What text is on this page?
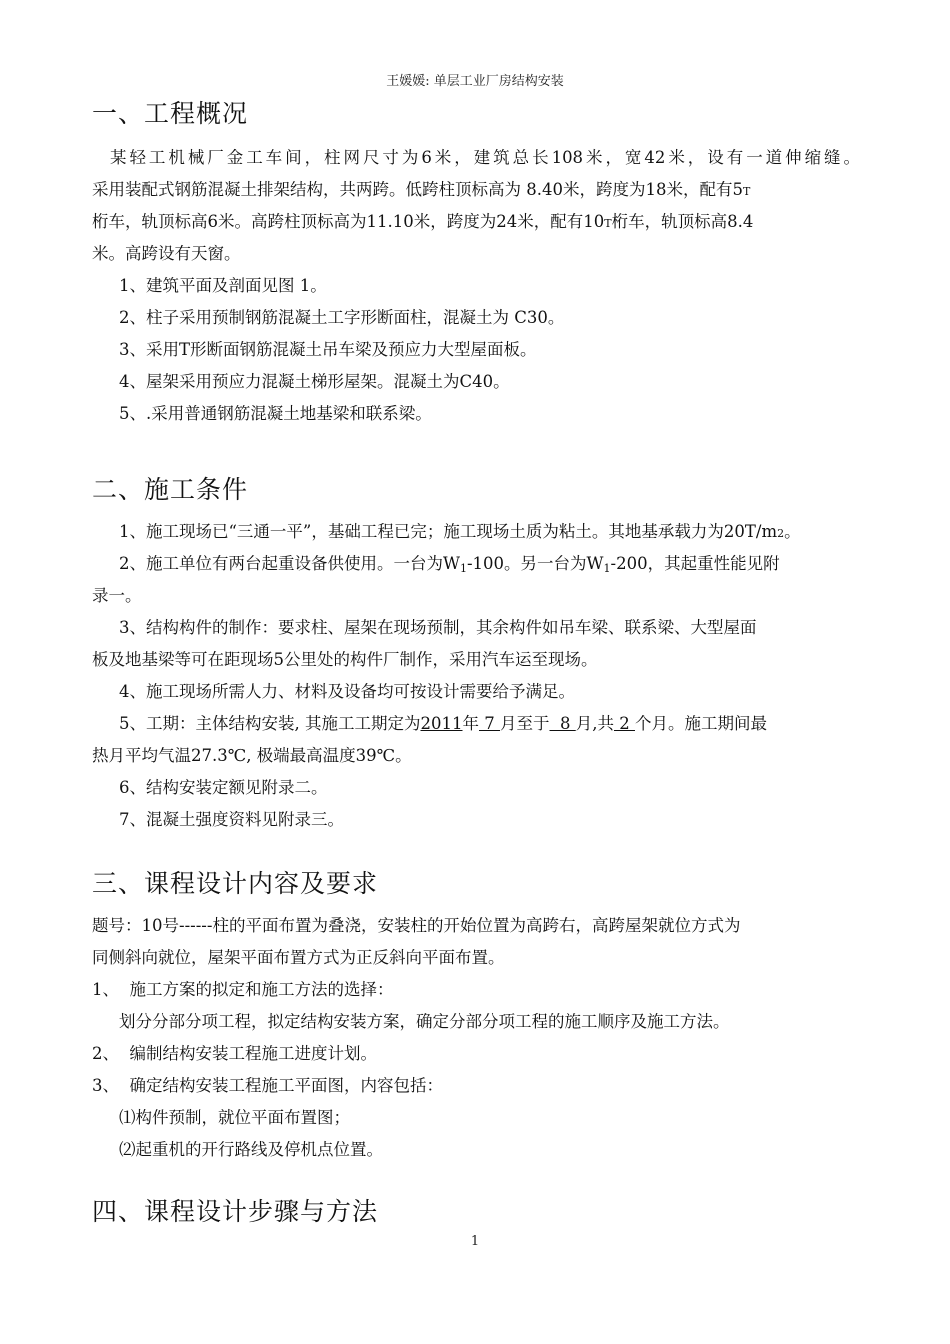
王媛媛: 单层工业厂房结构安装
一、工程概况
某轻工机械厂金工车间，柱网尺寸为6米，建筑总长108米，宽42米，设有一道伸缩缝。
采用装配式钢筋混凝土排架结构，共两跨。低跨柱顶标高为 8.40米，跨度为18米，配有5T
桁车，轨顶标高6米。高跨柱顶标高为11.10米，跨度为24米，配有10T桁车，轨顶标高8.4
米。高跨设有天窗。
1、建筑平面及剖面见图 1。
2、柱子采用预制钢筋混凝土工字形断面柱，混凝土为 C30。
3、采用T形断面钢筋混凝土吊车梁及预应力大型屋面板。
4、屋架采用预应力混凝土梯形屋架。混凝土为C40。
5、.采用普通钢筋混凝土地基梁和联系梁。
二、施工条件
1、施工现场已“三通一平”，基础工程已完；施工现场土质为粘土。其地基承载力为20T/m2。
2、施工单位有两台起重设备供使用。一台为$W_1-100$。另一台为$W_1-200$，其起重性能见附
录一。
3、结构构件的制作：要求柱、屋架在现场预制，其余构件如吊车梁、联系梁、大型屋面
板及地基梁等可在距现场5公里处的构件厂制作，采用汽车运至现场。
4、施工现场所需人力、材料及设备均可按设计需要给予满足。
5、工期：主体结构安装, 其施工工期定为2011年 7 月至于  8 月,共 2 个月。施工期间最
热月平均气温27.3℃, 极端最高温度39℃。
6、结构安装定额见附录二。
7、混凝土强度资料见附录三。
三、课程设计内容及要求
题号：10号------柱的平面布置为叠浇，安装柱的开始位置为高跨右，高跨屋架就位方式为
同侧斜向就位，屋架平面布置方式为正反斜向平面布置。
1、  施工方案的拟定和施工方法的选择：
划分分部分项工程，拟定结构安装方案，确定分部分项工程的施工顺序及施工方法。
2、  编制结构安装工程施工进度计划。
3、  确定结构安装工程施工平面图，内容包括：
⑴构件预制，就位平面布置图；
⑵起重机的开行路线及停机点位置。
四、课程设计步骤与方法
1
